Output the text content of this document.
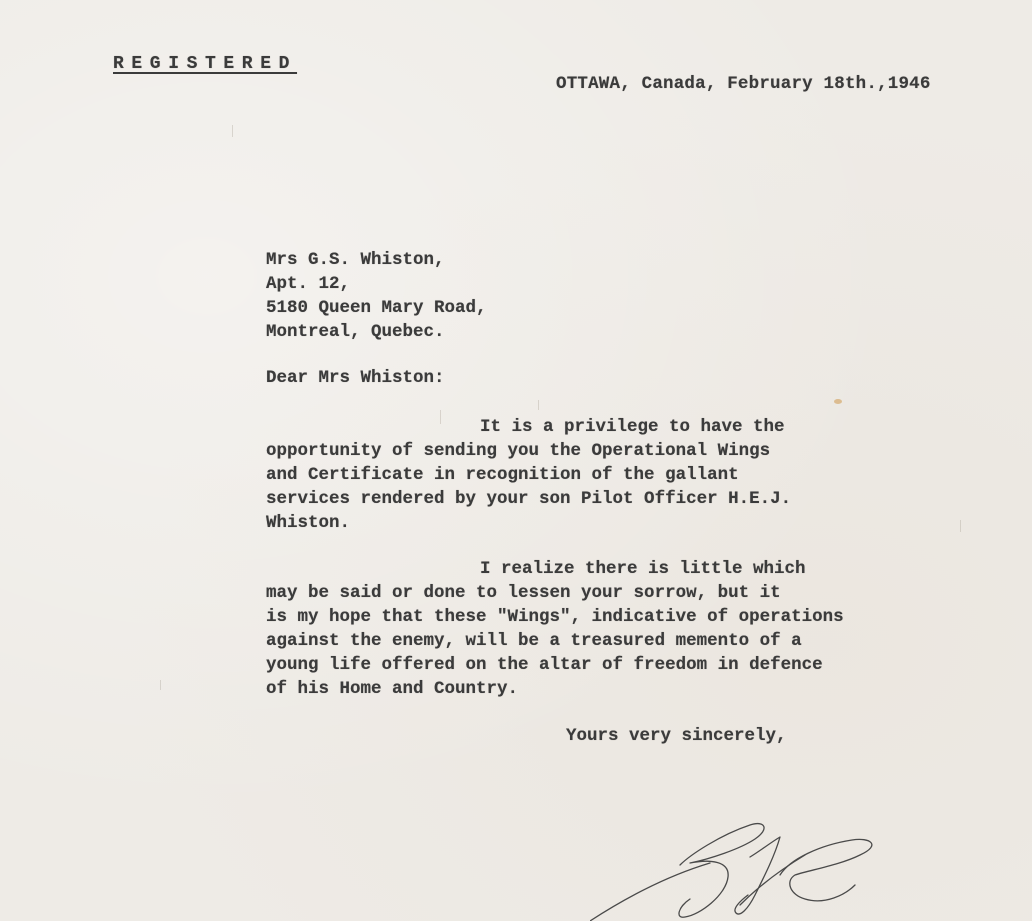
REGISTERED
OTTAWA, Canada, February 18th.,1946
Mrs G.S. Whiston,
Apt. 12,
5180 Queen Mary Road,
Montreal, Quebec.
Dear Mrs Whiston:
It is a privilege to have the
opportunity of sending you the Operational Wings
and Certificate in recognition of the gallant
services rendered by your son Pilot Officer H.E.J.
Whiston.
I realize there is little which
may be said or done to lessen your sorrow, but it
is my hope that these "Wings", indicative of operations
against the enemy, will be a treasured memento of a
young life offered on the altar of freedom in defence
of his Home and Country.
Yours very sincerely,
